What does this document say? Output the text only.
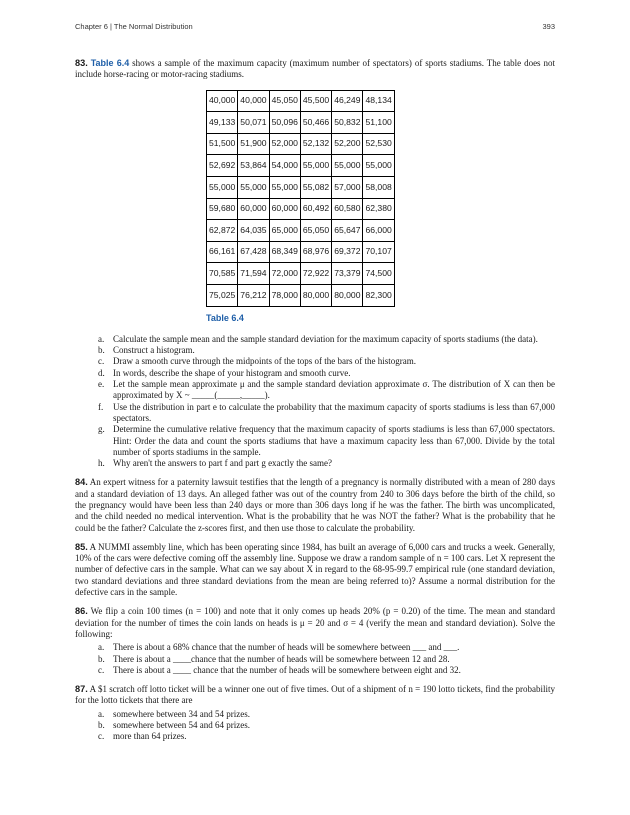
Chapter 6 | The Normal Distribution	393

83. Table 6.4 shows a sample of the maximum capacity (maximum number of spectators) of sports stadiums. The table does not include horse-racing or motor-racing stadiums.

40,000	40,000	45,050	45,500	46,249	48,134
49,133	50,071	50,096	50,466	50,832	51,100
51,500	51,900	52,000	52,132	52,200	52,530
52,692	53,864	54,000	55,000	55,000	55,000
55,000	55,000	55,000	55,082	57,000	58,008
59,680	60,000	60,000	60,492	60,580	62,380
62,872	64,035	65,000	65,050	65,647	66,000
66,161	67,428	68,349	68,976	69,372	70,107
70,585	71,594	72,000	72,922	73,379	74,500
75,025	76,212	78,000	80,000	80,000	82,300
Table 6.4
a. Calculate the sample mean and the sample standard deviation for the maximum capacity of sports stadiums (the data).
b. Construct a histogram.
c. Draw a smooth curve through the midpoints of the tops of the bars of the histogram.
d. In words, describe the shape of your histogram and smooth curve.
e. Let the sample mean approximate μ and the sample standard deviation approximate σ. The distribution of X can then be approximated by X ~ _____(_____,_____).
f. Use the distribution in part e to calculate the probability that the maximum capacity of sports stadiums is less than 67,000 spectators.
g. Determine the cumulative relative frequency that the maximum capacity of sports stadiums is less than 67,000 spectators. Hint: Order the data and count the sports stadiums that have a maximum capacity less than 67,000. Divide by the total number of sports stadiums in the sample.
h. Why aren't the answers to part f and part g exactly the same?

84. An expert witness for a paternity lawsuit testifies that the length of a pregnancy is normally distributed with a mean of 280 days and a standard deviation of 13 days. An alleged father was out of the country from 240 to 306 days before the birth of the child, so the pregnancy would have been less than 240 days or more than 306 days long if he was the father. The birth was uncomplicated, and the child needed no medical intervention. What is the probability that he was NOT the father? What is the probability that he could be the father? Calculate the z-scores first, and then use those to calculate the probability.

85. A NUMMI assembly line, which has been operating since 1984, has built an average of 6,000 cars and trucks a week. Generally, 10% of the cars were defective coming off the assembly line. Suppose we draw a random sample of n = 100 cars. Let X represent the number of defective cars in the sample. What can we say about X in regard to the 68-95-99.7 empirical rule (one standard deviation, two standard deviations and three standard deviations from the mean are being referred to)? Assume a normal distribution for the defective cars in the sample.

86. We flip a coin 100 times (n = 100) and note that it only comes up heads 20% (p = 0.20) of the time. The mean and standard deviation for the number of times the coin lands on heads is μ = 20 and σ = 4 (verify the mean and standard deviation). Solve the following:

a. There is about a 68% chance that the number of heads will be somewhere between ___ and ___.
b. There is about a ____chance that the number of heads will be somewhere between 12 and 28.
c. There is about a ____ chance that the number of heads will be somewhere between eight and 32.

87. A $1 scratch off lotto ticket will be a winner one out of five times. Out of a shipment of n = 190 lotto tickets, find the probability for the lotto tickets that there are

a. somewhere between 34 and 54 prizes.
b. somewhere between 54 and 64 prizes.
c. more than 64 prizes.
